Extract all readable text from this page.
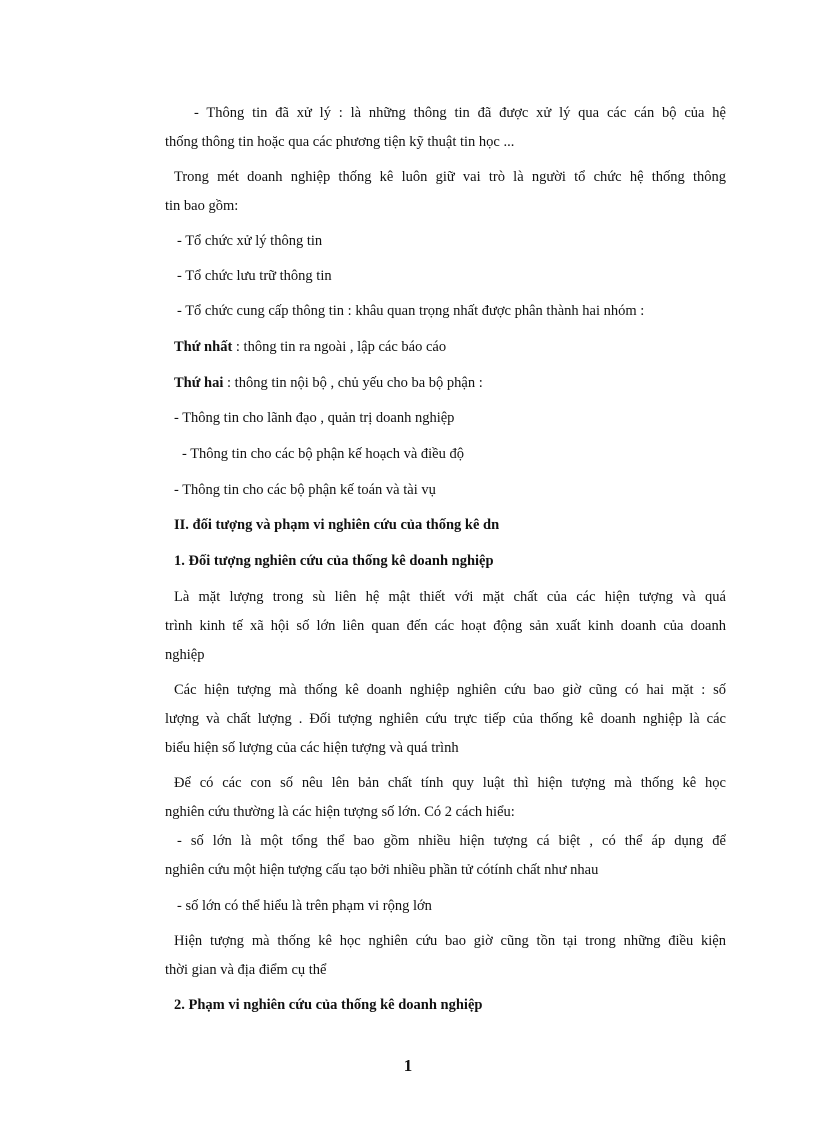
- Thông tin đã xử lý : là những thông tin đã được xử lý qua các cán bộ của hệ
thống thông tin hoặc qua các phương tiện kỹ thuật tin học ...
Trong mét doanh nghiệp thống kê luôn giữ vai trò là người tổ chức hệ thống thông
tin bao gồm:
- Tổ chức xử lý thông tin
- Tổ chức lưu trữ thông tin
- Tổ chức cung cấp thông tin : khâu quan trọng nhất được phân thành hai nhóm :
Thứ nhất : thông tin ra ngoài , lập các báo cáo
Thứ hai : thông tin nội bộ , chủ yếu cho ba bộ phận :
- Thông tin cho lãnh đạo , quản trị doanh nghiệp
- Thông tin cho các bộ phận kế hoạch và điều độ
- Thông tin cho các bộ phận kế toán và tài vụ
II. đối tượng và phạm vi nghiên cứu của thống kê dn
1. Đối tượng nghiên cứu của thống kê doanh nghiệp
Là mặt lượng trong sù liên hệ mật thiết với mặt chất của các hiện tượng và quá
trình kinh tế xã hội số lớn liên quan đến các hoạt động sản xuất kinh doanh của doanh
nghiệp
Các hiện tượng mà thống kê doanh nghiệp nghiên cứu bao giờ cũng có hai mặt : số
lượng và chất lượng . Đối tượng nghiên cứu trực tiếp của thống kê doanh nghiệp là các
biểu hiện số lượng của các hiện tượng và quá trình
Để có các con số nêu lên bản chất tính quy luật thì hiện tượng mà thống kê học
nghiên cứu thường là các hiện tượng số lớn. Có 2 cách hiểu:
- số lớn là một tổng thể bao gồm nhiều hiện tượng cá biệt , có thể áp dụng để
nghiên cứu một hiện tượng cấu tạo bởi nhiều phần tử cótính chất như nhau
- số lớn có thể hiểu là trên phạm vi rộng lớn
Hiện tượng mà thống kê học nghiên cứu bao giờ cũng tồn tại trong những điều kiện
thời gian và địa điểm cụ thể
2. Phạm vi nghiên cứu của thống kê doanh nghiệp
1
